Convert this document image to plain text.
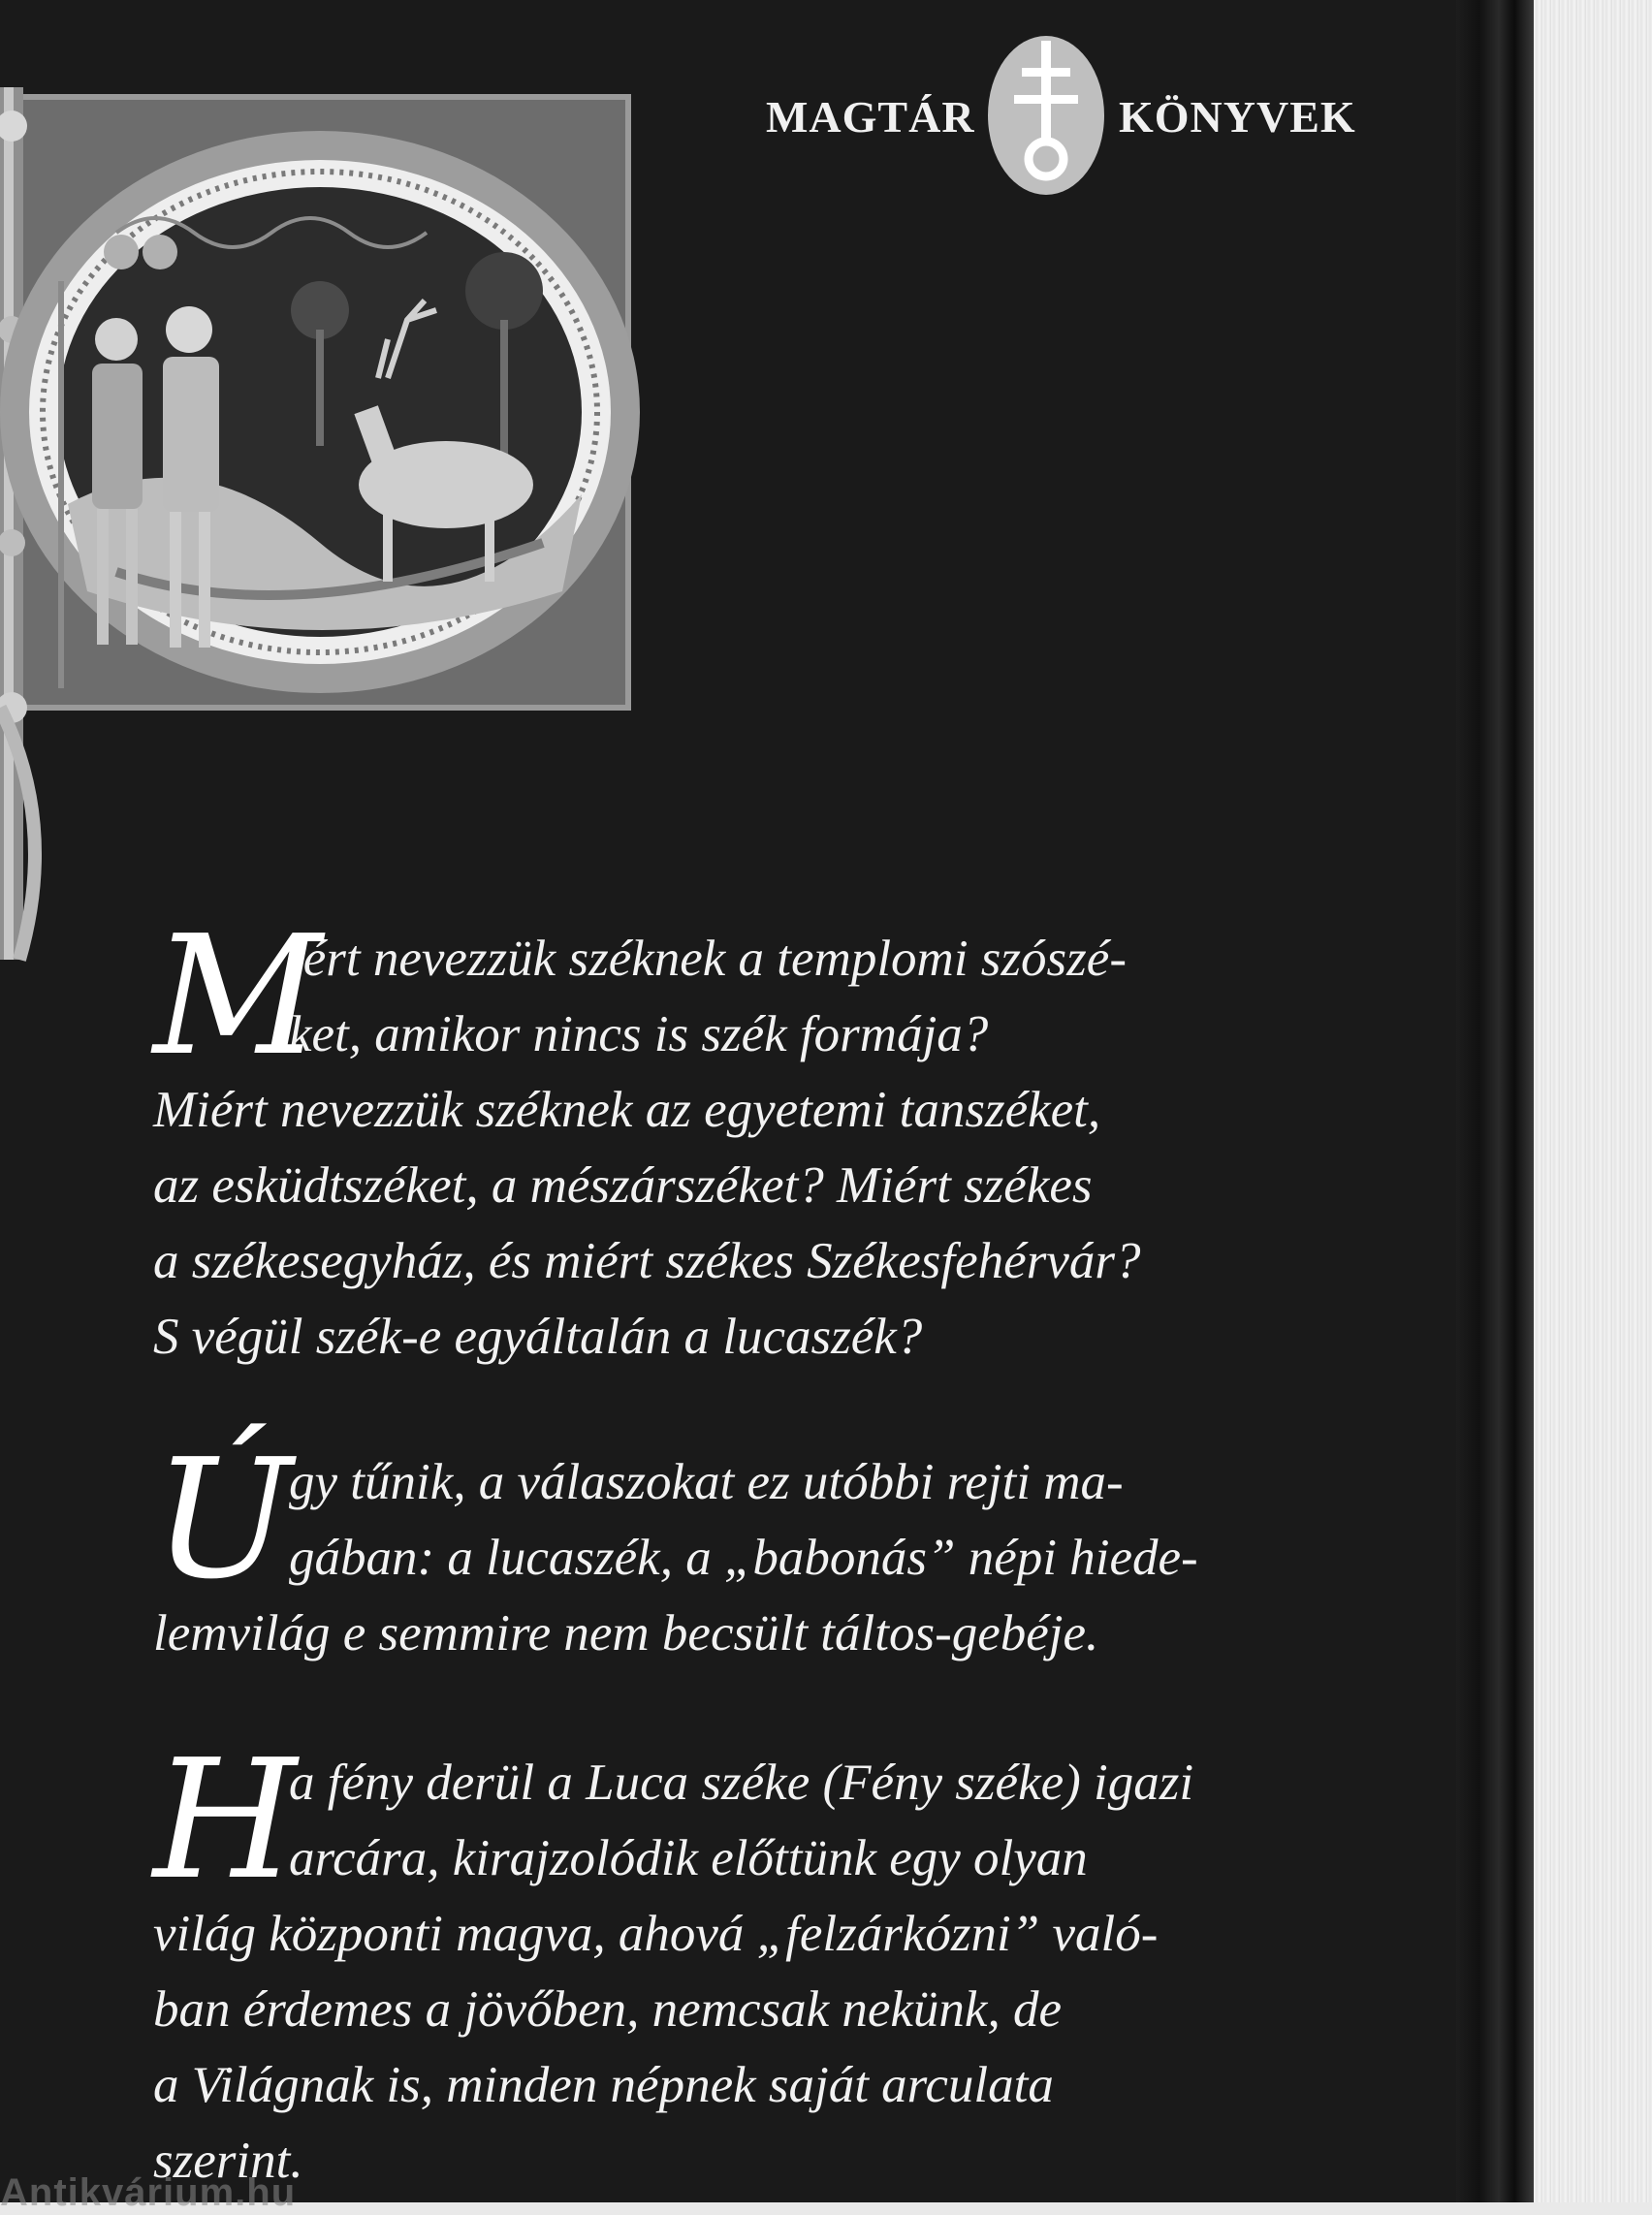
MAGTÁR	KÖNYVEK
M
iért nevezzük széknek a templomi szószé-
ket, amikor nincs is szék formája?
Miért nevezzük széknek az egyetemi tanszéket,
az esküdtszéket, a mészárszéket? Miért székes
a székesegyház, és miért székes Székesfehérvár?
S végül szék-e egyáltalán a lucaszék?
Ú
gy tűnik, a válaszokat ez utóbbi rejti ma-
gában: a lucaszék, a „babonás” népi hiede-
lemvilág e semmire nem becsült táltos-gebéje.
H
a fény derül a Luca széke (Fény széke) igazi
arcára, kirajzolódik előttünk egy olyan
világ központi magva, ahová „felzárkózni” való-
ban érdemes a jövőben, nemcsak nekünk, de
a Világnak is, minden népnek saját arculata
szerint.
Antikvárium.hu
